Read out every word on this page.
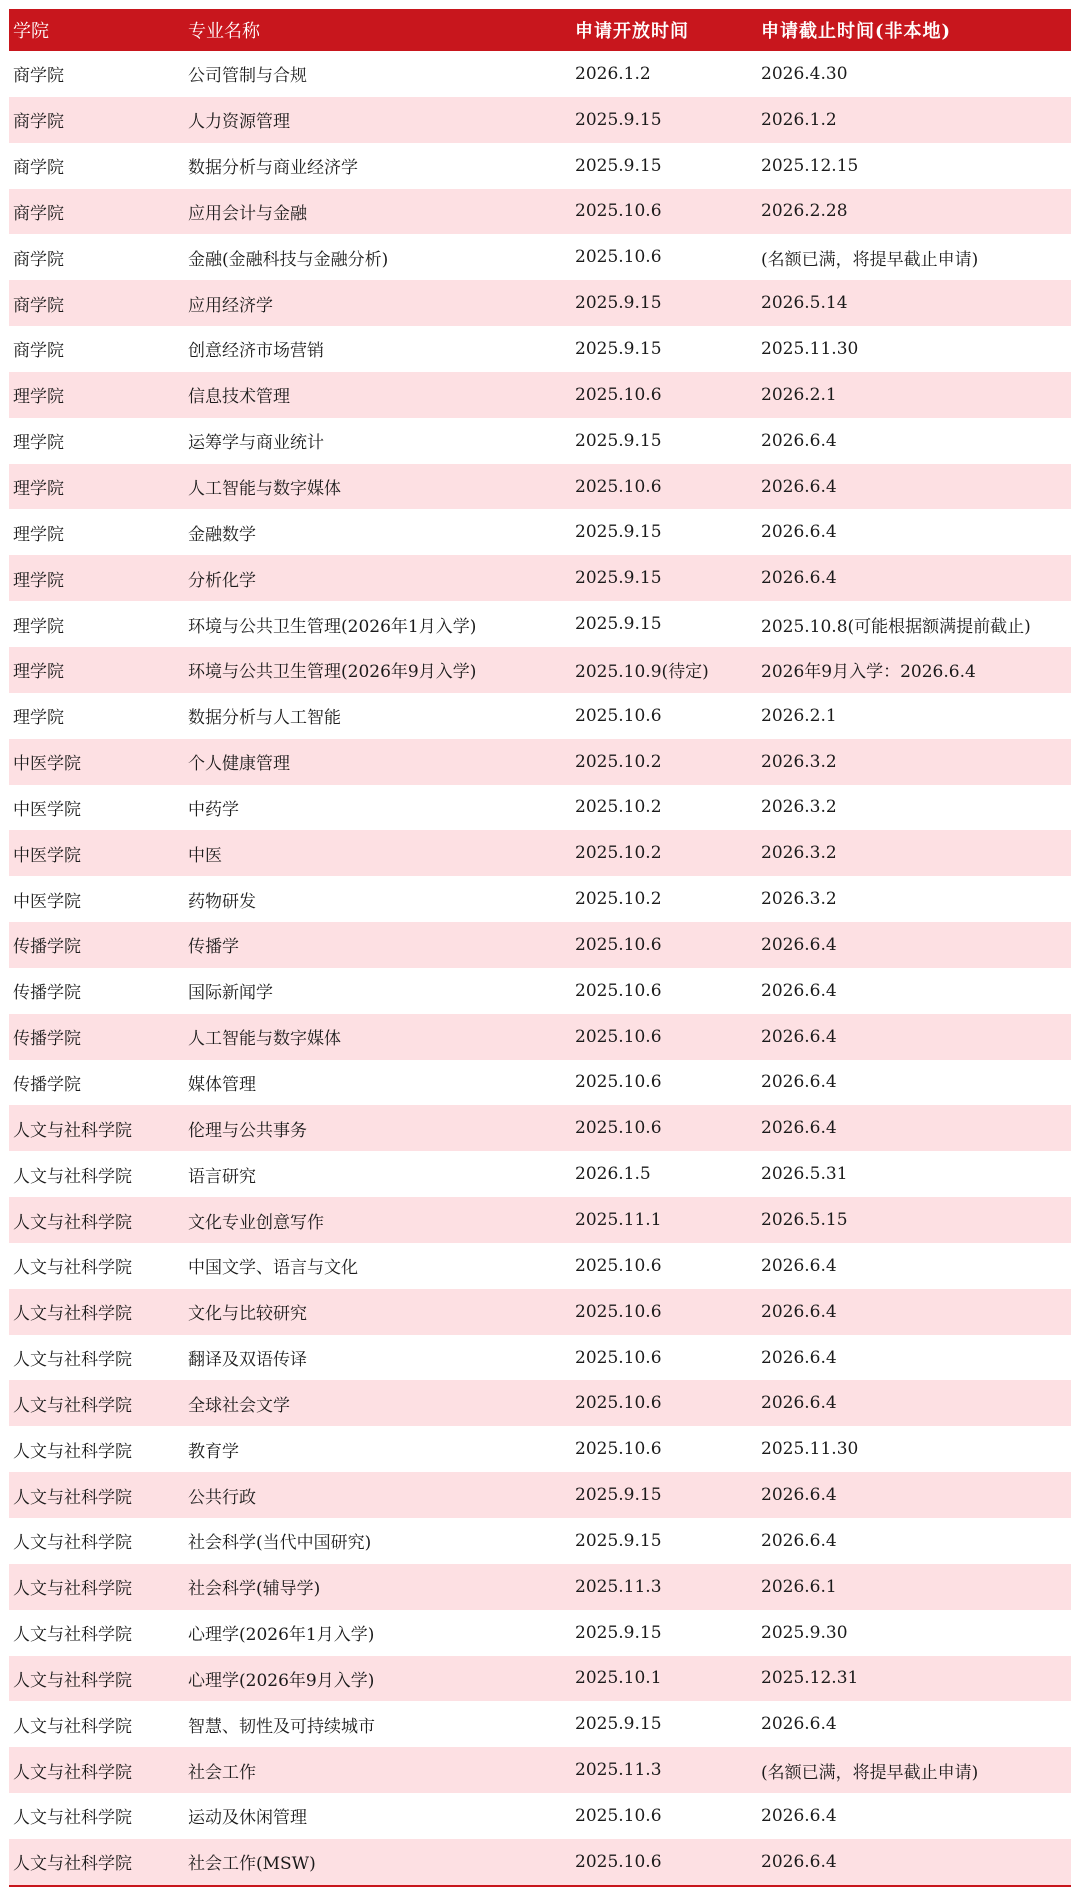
学院	专业名称	申请开放时间	申请截止时间(非本地)
商学院	公司管制与合规	2026.1.2	2026.4.30
商学院	人力资源管理	2025.9.15	2026.1.2
商学院	数据分析与商业经济学	2025.9.15	2025.12.15
商学院	应用会计与金融	2025.10.6	2026.2.28
商学院	金融(金融科技与金融分析)	2025.10.6	(名额已满，将提早截止申请)
商学院	应用经济学	2025.9.15	2026.5.14
商学院	创意经济市场营销	2025.9.15	2025.11.30
理学院	信息技术管理	2025.10.6	2026.2.1
理学院	运筹学与商业统计	2025.9.15	2026.6.4
理学院	人工智能与数字媒体	2025.10.6	2026.6.4
理学院	金融数学	2025.9.15	2026.6.4
理学院	分析化学	2025.9.15	2026.6.4
理学院	环境与公共卫生管理(2026年1月入学)	2025.9.15	2025.10.8(可能根据额满提前截止)
理学院	环境与公共卫生管理(2026年9月入学)	2025.10.9(待定)	2026年9月入学：2026.6.4
理学院	数据分析与人工智能	2025.10.6	2026.2.1
中医学院	个人健康管理	2025.10.2	2026.3.2
中医学院	中药学	2025.10.2	2026.3.2
中医学院	中医	2025.10.2	2026.3.2
中医学院	药物研发	2025.10.2	2026.3.2
传播学院	传播学	2025.10.6	2026.6.4
传播学院	国际新闻学	2025.10.6	2026.6.4
传播学院	人工智能与数字媒体	2025.10.6	2026.6.4
传播学院	媒体管理	2025.10.6	2026.6.4
人文与社科学院	伦理与公共事务	2025.10.6	2026.6.4
人文与社科学院	语言研究	2026.1.5	2026.5.31
人文与社科学院	文化专业创意写作	2025.11.1	2026.5.15
人文与社科学院	中国文学、语言与文化	2025.10.6	2026.6.4
人文与社科学院	文化与比较研究	2025.10.6	2026.6.4
人文与社科学院	翻译及双语传译	2025.10.6	2026.6.4
人文与社科学院	全球社会文学	2025.10.6	2026.6.4
人文与社科学院	教育学	2025.10.6	2025.11.30
人文与社科学院	公共行政	2025.9.15	2026.6.4
人文与社科学院	社会科学(当代中国研究)	2025.9.15	2026.6.4
人文与社科学院	社会科学(辅导学)	2025.11.3	2026.6.1
人文与社科学院	心理学(2026年1月入学)	2025.9.15	2025.9.30
人文与社科学院	心理学(2026年9月入学)	2025.10.1	2025.12.31
人文与社科学院	智慧、韧性及可持续城市	2025.9.15	2026.6.4
人文与社科学院	社会工作	2025.11.3	(名额已满，将提早截止申请)
人文与社科学院	运动及休闲管理	2025.10.6	2026.6.4
人文与社科学院	社会工作(MSW)	2025.10.6	2026.6.4
